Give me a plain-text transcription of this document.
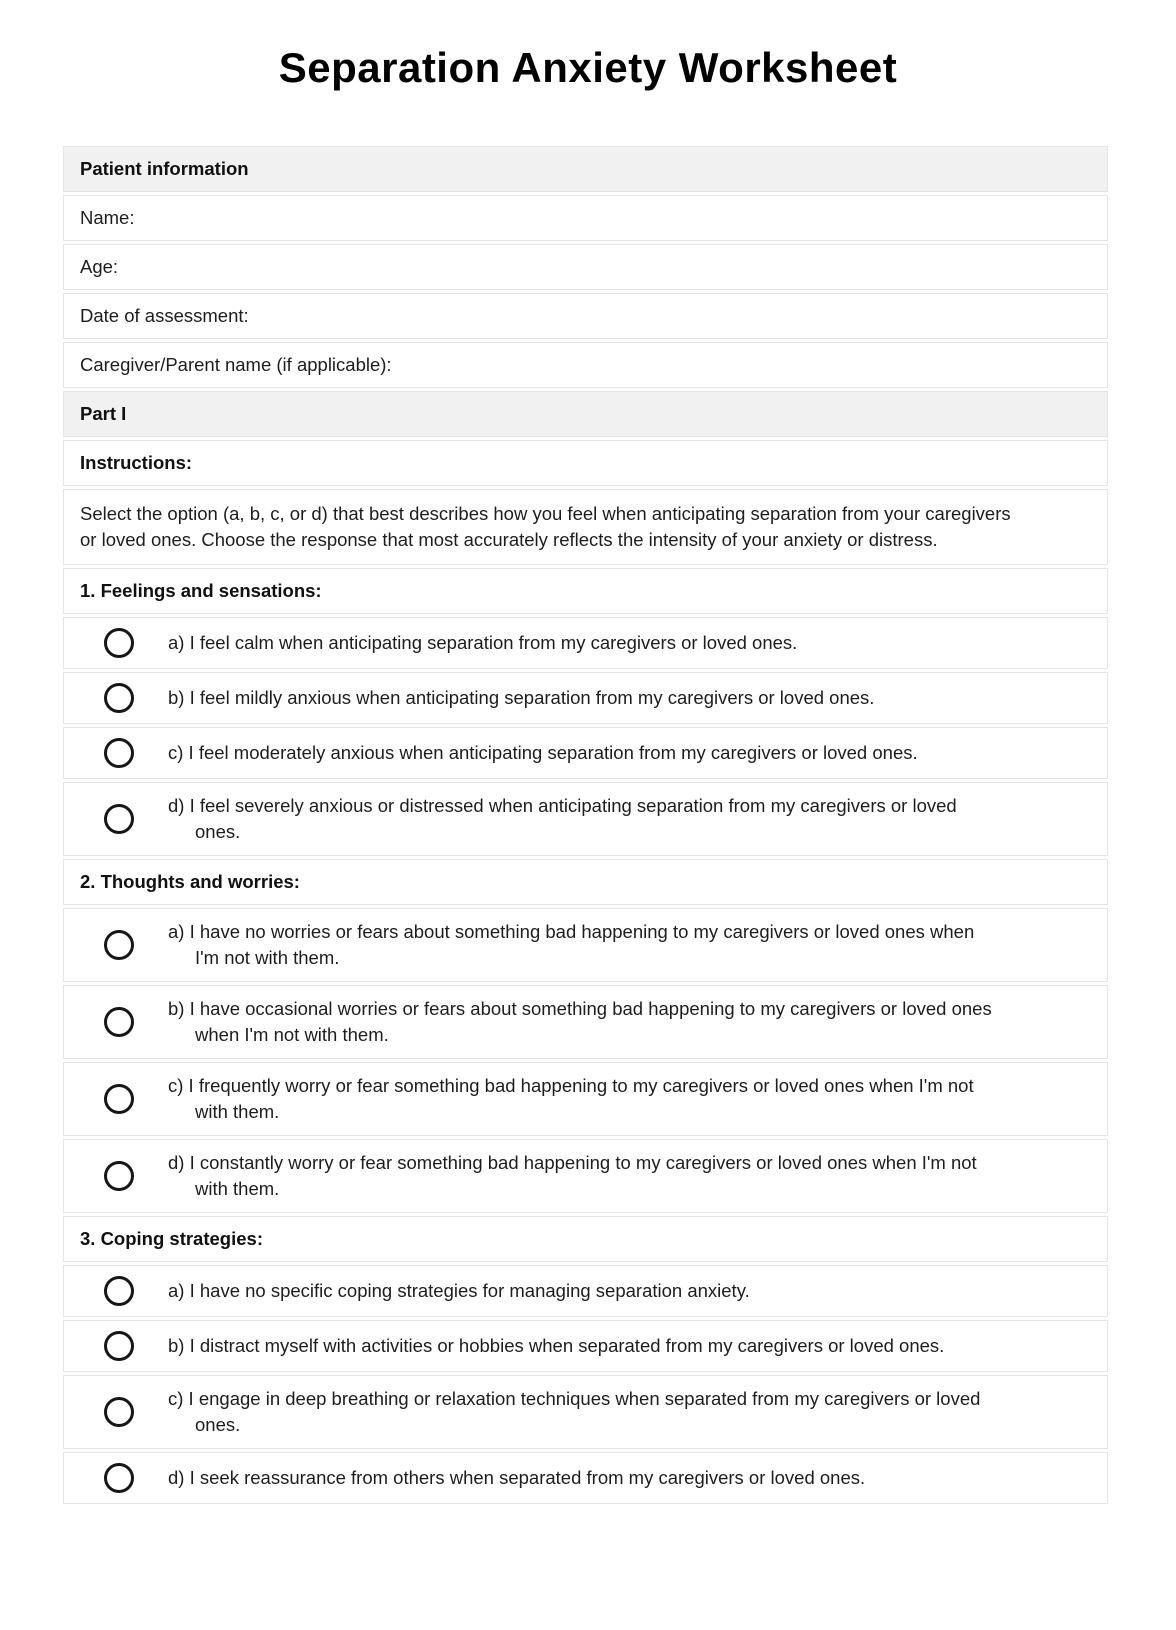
Separation Anxiety Worksheet
Patient information
Name:
Age:
Date of assessment:
Caregiver/Parent name (if applicable):
Part I
Instructions:
Select the option (a, b, c, or d) that best describes how you feel when anticipating separation from your caregivers or loved ones. Choose the response that most accurately reflects the intensity of your anxiety or distress.
1. Feelings and sensations:
a) I feel calm when anticipating separation from my caregivers or loved ones.
b) I feel mildly anxious when anticipating separation from my caregivers or loved ones.
c) I feel moderately anxious when anticipating separation from my caregivers or loved ones.
d) I feel severely anxious or distressed when anticipating separation from my caregivers or loved ones.
2. Thoughts and worries:
a) I have no worries or fears about something bad happening to my caregivers or loved ones when I'm not with them.
b) I have occasional worries or fears about something bad happening to my caregivers or loved ones when I'm not with them.
c) I frequently worry or fear something bad happening to my caregivers or loved ones when I'm not with them.
d) I constantly worry or fear something bad happening to my caregivers or loved ones when I'm not with them.
3. Coping strategies:
a) I have no specific coping strategies for managing separation anxiety.
b) I distract myself with activities or hobbies when separated from my caregivers or loved ones.
c) I engage in deep breathing or relaxation techniques when separated from my caregivers or loved ones.
d) I seek reassurance from others when separated from my caregivers or loved ones.
